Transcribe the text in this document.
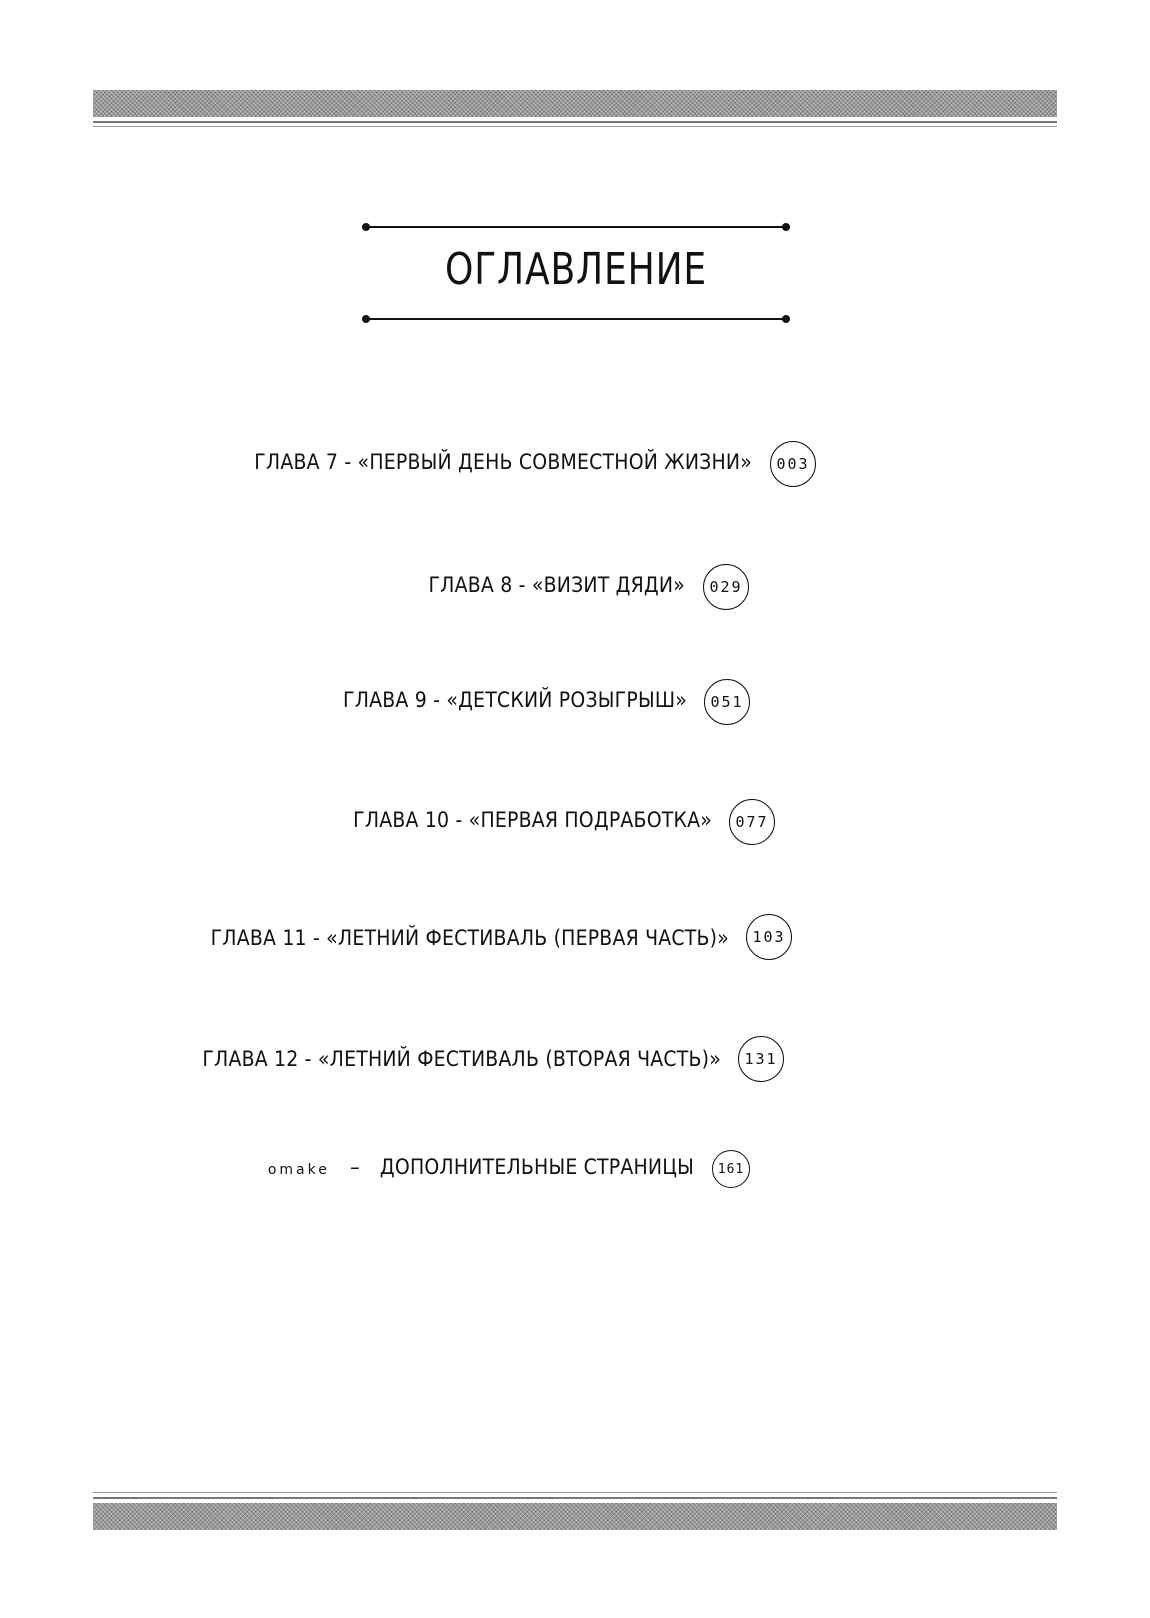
ОГЛАВЛЕНИЕ
ГЛАВА 7 - «ПЕРВЫЙ ДЕНЬ СОВМЕСТНОЙ ЖИЗНИ»	003
ГЛАВА 8 - «ВИЗИТ ДЯДИ»	029
ГЛАВА 9 - «ДЕТСКИЙ РОЗЫГРЫШ»	051
ГЛАВА 10 - «ПЕРВАЯ ПОДРАБОТКА»	077
ГЛАВА 11 - «ЛЕТНИЙ ФЕСТИВАЛЬ (ПЕРВАЯ ЧАСТЬ)»	103
ГЛАВА 12 - «ЛЕТНИЙ ФЕСТИВАЛЬ (ВТОРАЯ ЧАСТЬ)»	131
omake – ДОПОЛНИТЕЛЬНЫЕ СТРАНИЦЫ	161
